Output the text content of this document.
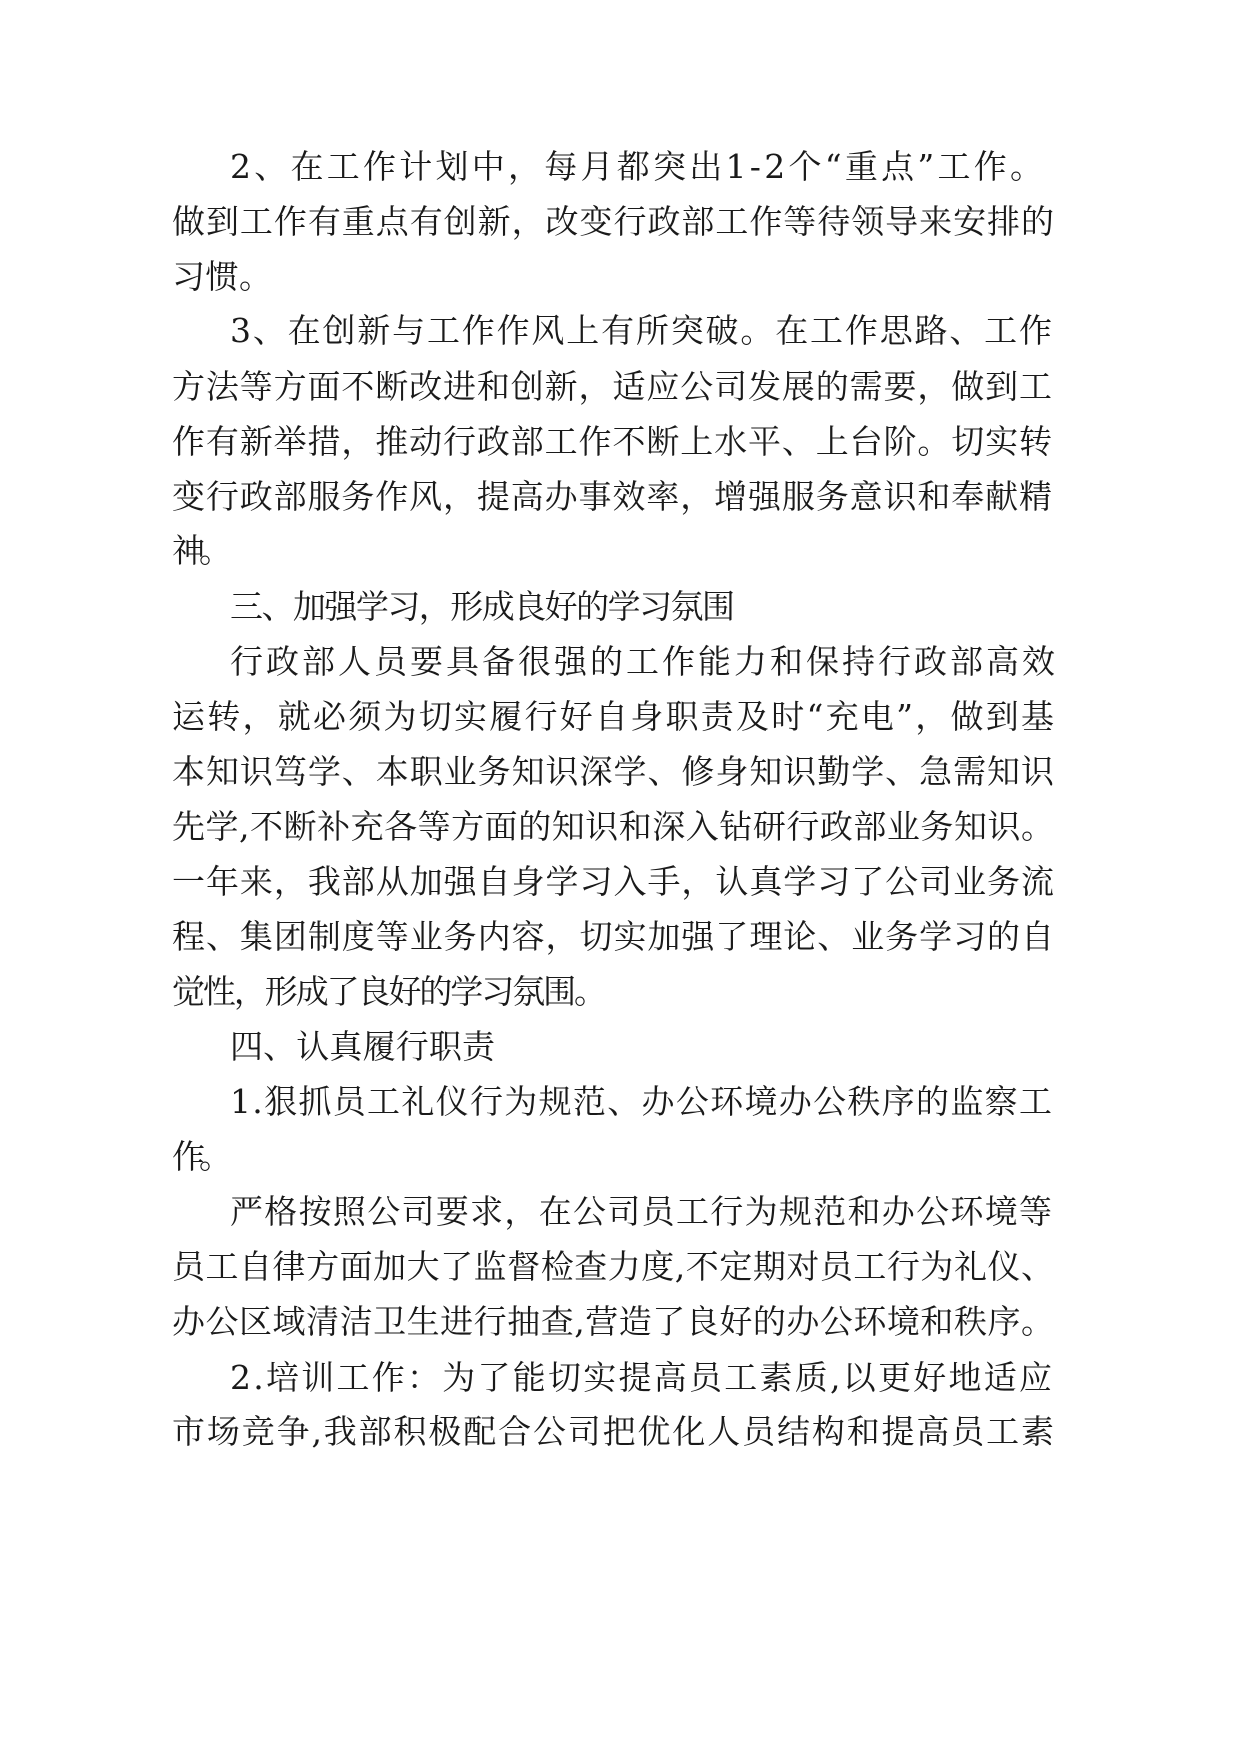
2、在工作计划中，每月都突出1-2个“重点”工作。
做到工作有重点有创新，改变行政部工作等待领导来安排的
习惯。
3、在创新与工作作风上有所突破。在工作思路、工作
方法等方面不断改进和创新，适应公司发展的需要，做到工
作有新举措，推动行政部工作不断上水平、上台阶。切实转
变行政部服务作风，提高办事效率，增强服务意识和奉献精
神。
三、加强学习，形成良好的学习氛围
行政部人员要具备很强的工作能力和保持行政部高效
运转，就必须为切实履行好自身职责及时“充电”，做到基
本知识笃学、本职业务知识深学、修身知识勤学、急需知识
先学,不断补充各等方面的知识和深入钻研行政部业务知识。
一年来，我部从加强自身学习入手，认真学习了公司业务流
程、集团制度等业务内容，切实加强了理论、业务学习的自
觉性，形成了良好的学习氛围。
四、认真履行职责
1.狠抓员工礼仪行为规范、办公环境办公秩序的监察工
作。
严格按照公司要求，在公司员工行为规范和办公环境等
员工自律方面加大了监督检查力度,不定期对员工行为礼仪、
办公区域清洁卫生进行抽查,营造了良好的办公环境和秩序。
2.培训工作：为了能切实提高员工素质,以更好地适应
市场竞争,我部积极配合公司把优化人员结构和提高员工素
